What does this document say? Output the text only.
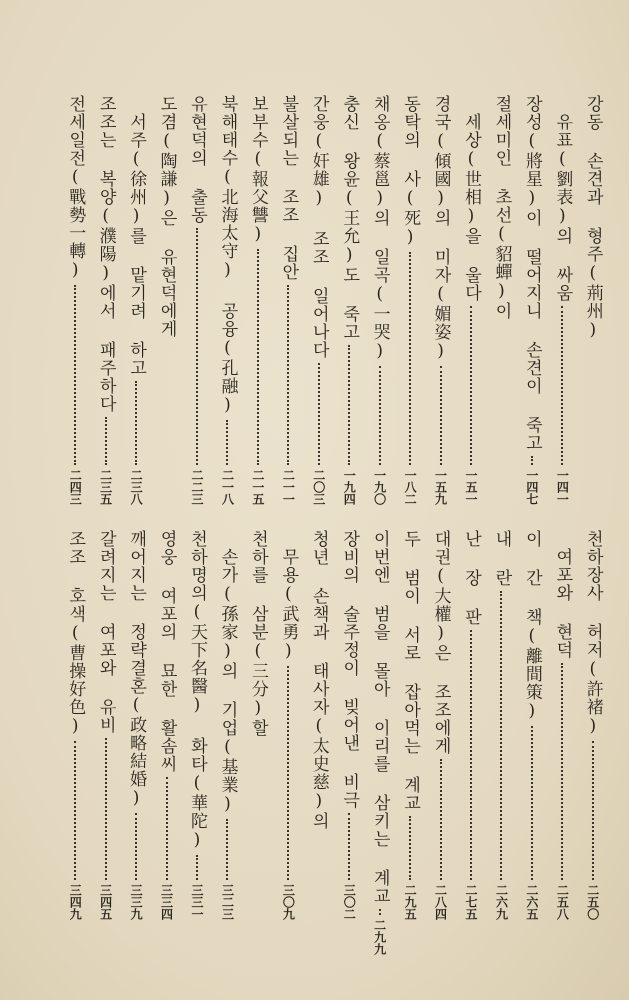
강동 손견과 형주(荊州)
유표(劉表)의 싸움
一四一
장성(將星)이 떨어지니 손견이 죽고
一四七
절세미인 초선(貂蟬)이
세상(世相)을 울다
一五一
경국(傾國)의 미자(媚姿)
一五九
동탁의 사(死)
一八二
채옹(蔡邕)의 일곡(一哭)
一九〇
충신 왕윤(王允)도 죽고
一九四
간웅(奸雄) 조조 일어나다
二〇三
불살되는 조조 집안
二一一
보부수(報父讐)
二一五
북해태수(北海太守) 공융(孔融)
二一八
유현덕의 출동
二二三
도겸(陶謙)은 유현덕에게
서주(徐州)를 맡기려 하고
二三八
조조는 복양(濮陽)에서 패주하다
二三五
전세일전(戰勢一轉)
二四三
천하장사 허저(許褚)
二五〇
여포와 현덕
二五八
이 간 책(離間策)
二六五
내 란
二六九
난 장 판
二七五
대권(大權)은 조조에게
二八四
두 범이 서로 잡아먹는 계교
二九五
이번엔 범을 몰아 이리를 삼키는 계교
二九九
장비의 술주정이 빚어낸 비극
三〇二
청년 손책과 태사자(太史慈)의
무용(武勇)
三〇九
천하를 삼분(三分)할
손가(孫家)의 기업(基業)
三二三
천하명의(天下名醫) 화타(華陀)
三三一
영웅 여포의 묘한 활솜씨
三三四
깨어지는 정략결혼(政略結婚)
三三九
갈려지는 여포와 유비
三四五
조조 호색(曹操好色)
三四九
